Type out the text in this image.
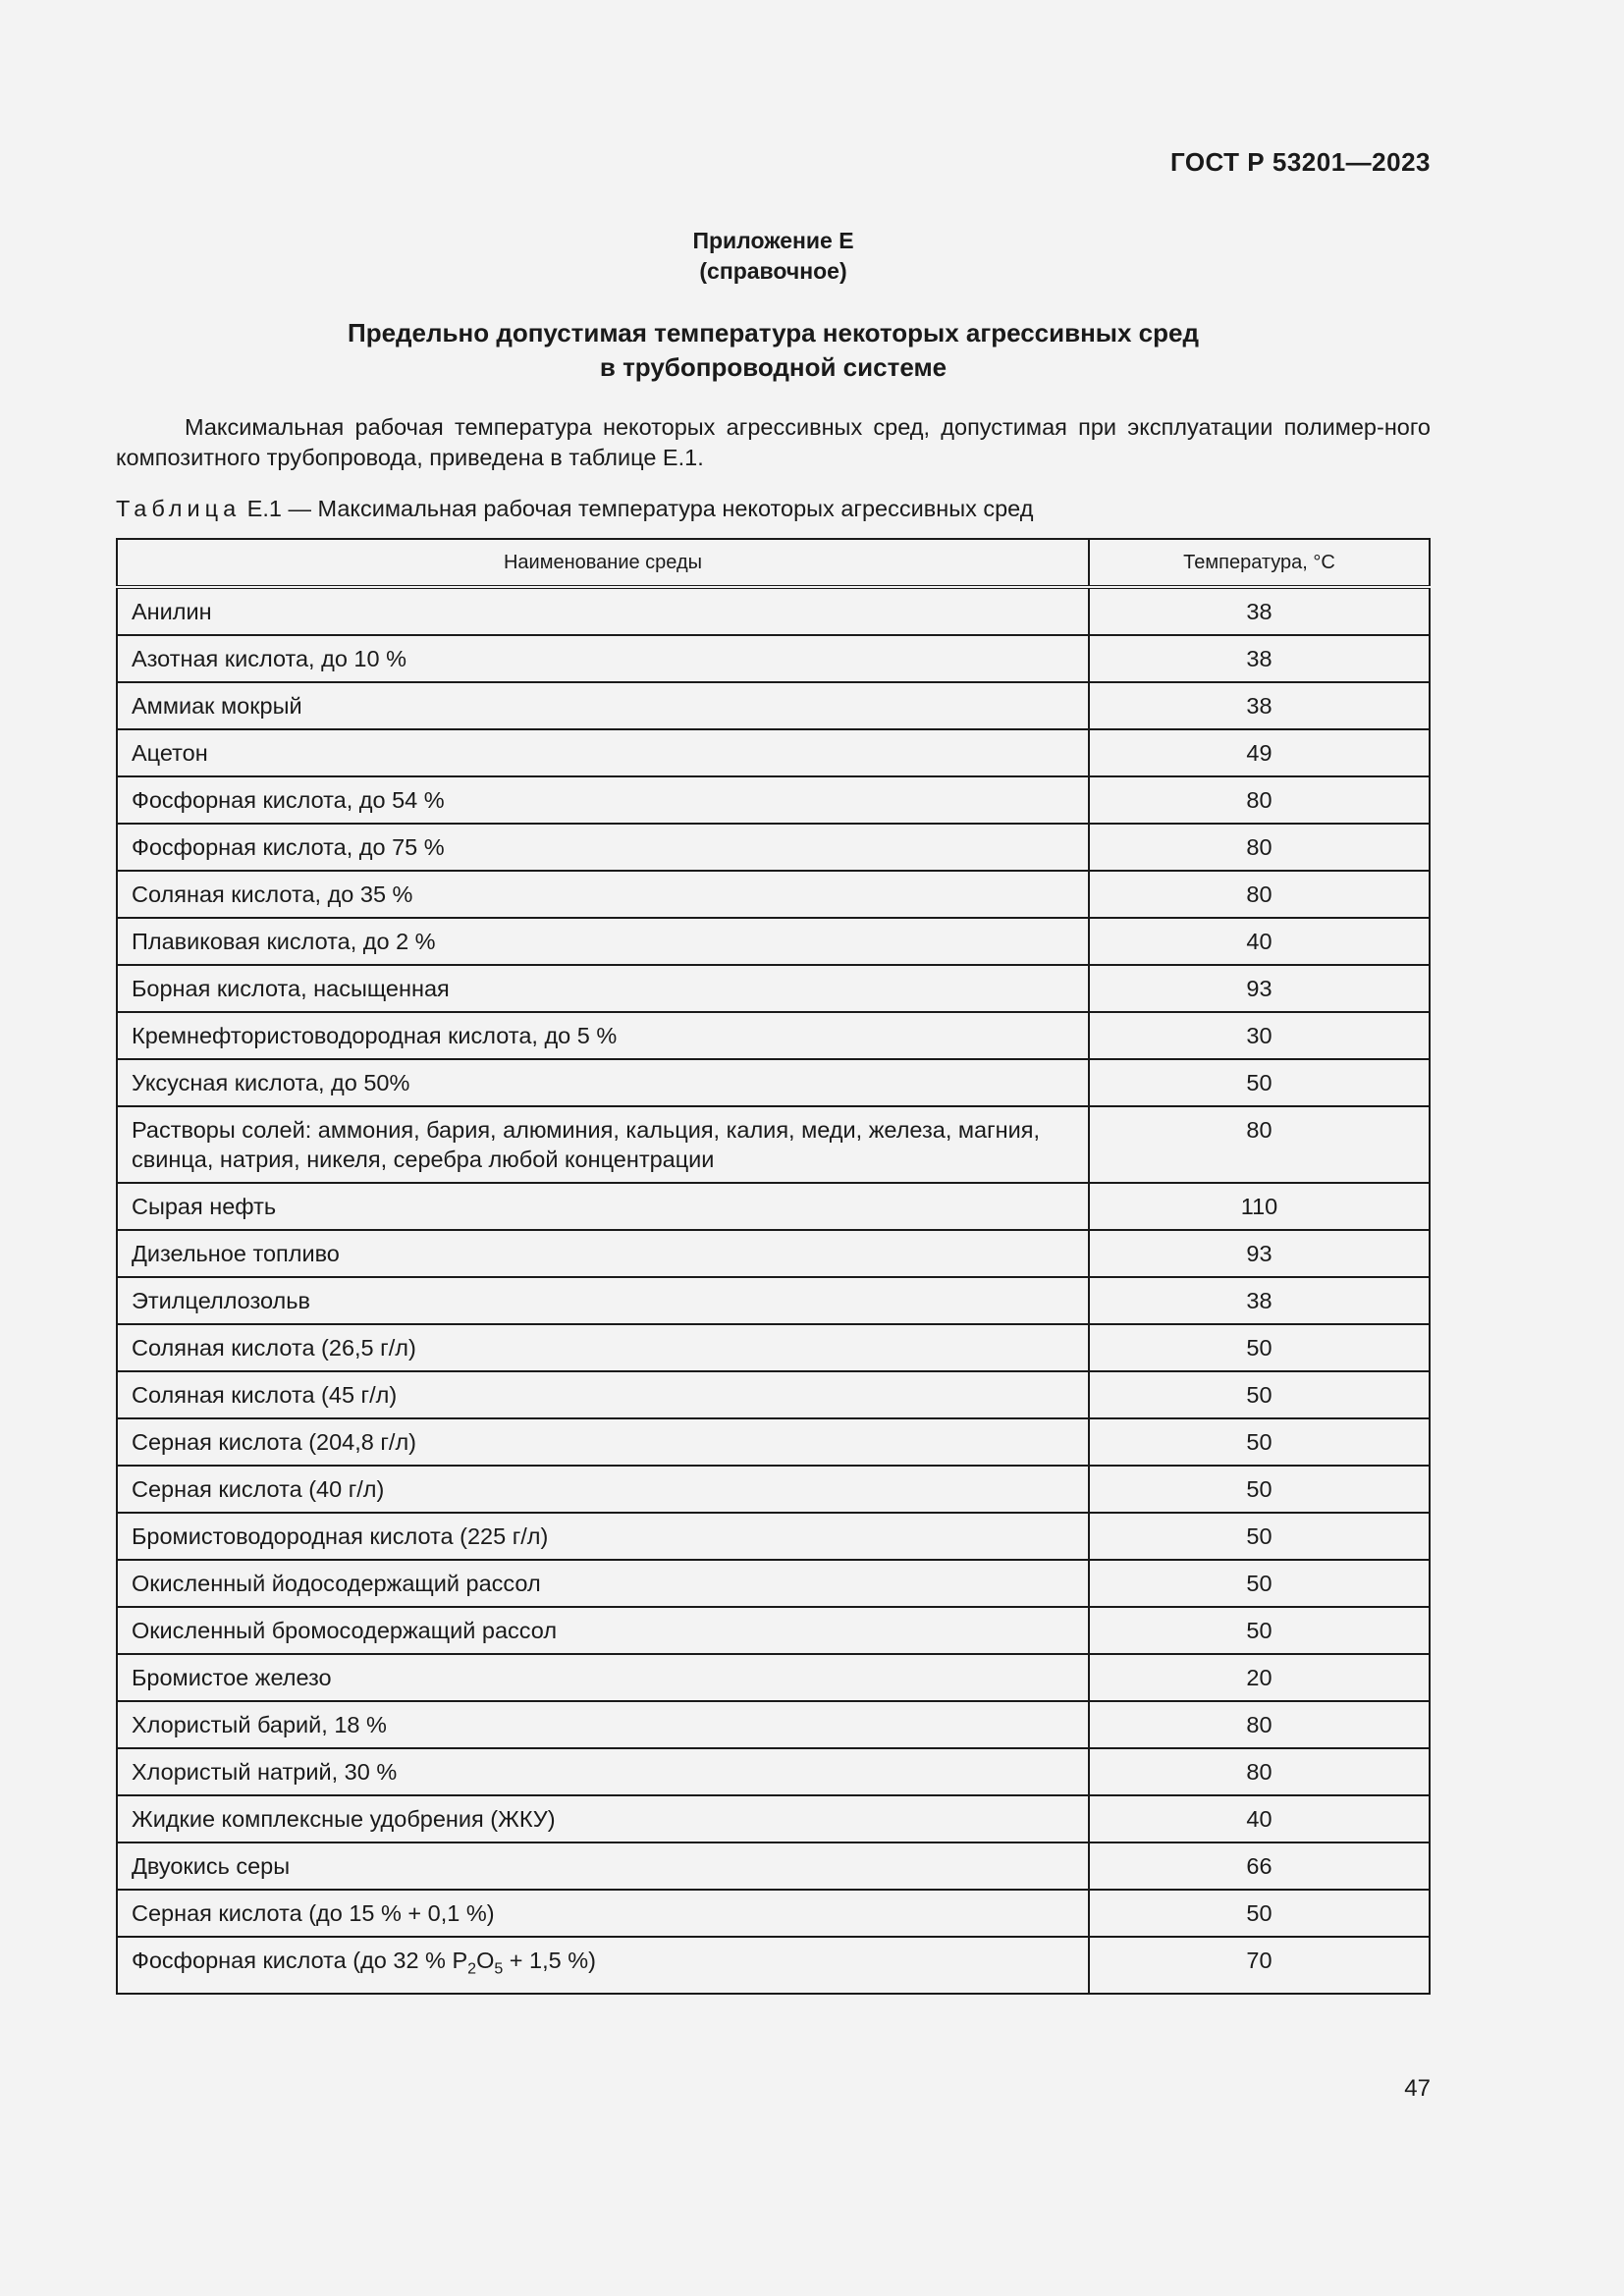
ГОСТ Р 53201—2023
Приложение Е
(справочное)
Предельно допустимая температура некоторых агрессивных сред
в трубопроводной системе
Максимальная рабочая температура некоторых агрессивных сред, допустимая при эксплуатации полимер-ного композитного трубопровода, приведена в таблице Е.1.
Таблица Е.1 — Максимальная рабочая температура некоторых агрессивных сред
Наименование среды	Температура, °С
Анилин	38
Азотная кислота, до 10 %	38
Аммиак мокрый	38
Ацетон	49
Фосфорная кислота, до 54 %	80
Фосфорная кислота, до 75 %	80
Соляная кислота, до 35 %	80
Плавиковая кислота, до 2 %	40
Борная кислота, насыщенная	93
Кремнефтористоводородная кислота, до 5 %	30
Уксусная кислота, до 50%	50
Растворы солей: аммония, бария, алюминия, кальция, калия, меди, железа, магния, свинца, натрия, никеля, серебра любой концентрации	80
Сырая нефть	110
Дизельное топливо	93
Этилцеллозольв	38
Соляная кислота (26,5 г/л)	50
Соляная кислота (45 г/л)	50
Серная кислота (204,8 г/л)	50
Серная кислота (40 г/л)	50
Бромистоводородная кислота (225 г/л)	50
Окисленный йодосодержащий рассол	50
Окисленный бромосодержащий рассол	50
Бромистое железо	20
Хлористый барий, 18 %	80
Хлористый натрий, 30 %	80
Жидкие комплексные удобрения (ЖКУ)	40
Двуокись серы	66
Серная кислота (до 15 % + 0,1 %)	50
Фосфорная кислота (до 32 % $P_2O_5 + 1,5$ %)	70
47
